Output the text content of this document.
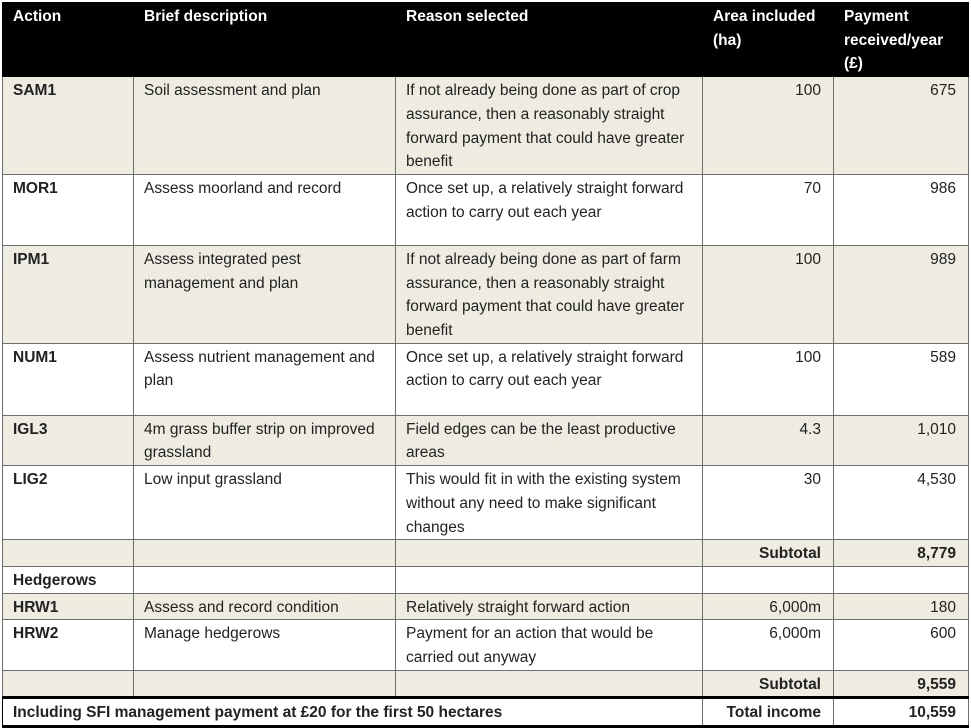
Action	Brief description	Reason selected	Area included (ha)	Payment received/year (£)
SAM1	Soil assessment and plan	If not already being done as part of crop assurance, then a reasonably straight forward payment that could have greater benefit	100	675
MOR1	Assess moorland and record	Once set up, a relatively straight forward action to carry out each year	70	986
IPM1	Assess integrated pest management and plan	If not already being done as part of farm assurance, then a reasonably straight forward payment that could have greater benefit	100	989
NUM1	Assess nutrient management and plan	Once set up, a relatively straight forward action to carry out each year	100	589
IGL3	4m grass buffer strip on improved grassland	Field edges can be the least productive areas	4.3	1,010
LIG2	Low input grassland	This would fit in with the existing system without any need to make significant changes	30	4,530
			Subtotal	8,779
Hedgerows				
HRW1	Assess and record condition	Relatively straight forward action	6,000m	180
HRW2	Manage hedgerows	Payment for an action that would be carried out anyway	6,000m	600
			Subtotal	9,559
Including SFI management payment at £20 for the first 50 hectares			Total income	10,559
